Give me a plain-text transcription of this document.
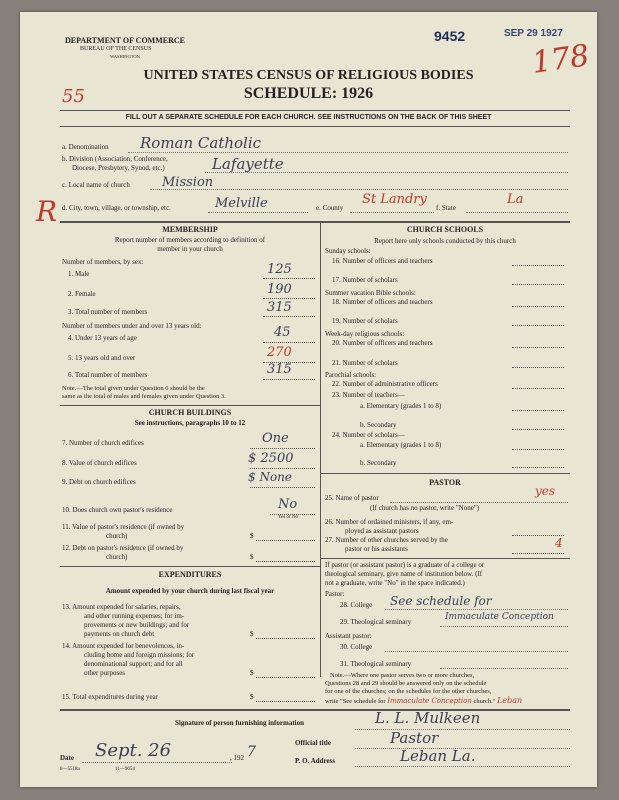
DEPARTMENT OF COMMERCE
BUREAU OF THE CENSUS
WASHINGTON
9452	SEP 29 1927
178
55
UNITED STATES CENSUS OF RELIGIOUS BODIES
SCHEDULE: 1926
FILL OUT A SEPARATE SCHEDULE FOR EACH CHURCH. SEE INSTRUCTIONS ON THE BACK OF THIS SHEET
a. Denomination Roman Catholic
b. Division (Association, Conference,
Diocese, Presbytery, Synod, etc.)	Lafayette
c. Local name of church Mission
R d. City, town, village, or township, etc.	Melville	e. County
St Landry
f. State
La
MEMBERSHIP
Report number of members according to definition of
member in your church
Number of members, by sex:
1. Male	125
2. Female	190
3. Total number of members	315
Number of members under and over 13 years old:
4. Under 13 years of age	45
5. 13 years old and over	270
6. Total number of members	315
Note.—The total given under Question 6 should be the
same as the total of males and females given under Question 3.
CHURCH BUILDINGS
See instructions, paragraphs 10 to 12
7. Number of church edifices	One
8. Value of church edifices	$ 2500
9. Debt on church edifices	$ None
10. Does church own pastor's residence	No
Yes or No
11. Value of pastor's residence (if owned by
church)	$
12. Debt on pastor's residence (if owned by
church)	$
EXPENDITURES
Amount expended by your church during last fiscal year
13. Amount expended for salaries, repairs,
and other running expenses; for im-
provements or new buildings; and for
payments on church debt	$
14. Amount expended for benevolences, in-
cluding home and foreign missions; for
denominational support; and for all
other purposes	$
15. Total expenditures during year	$
CHURCH SCHOOLS
Report here only schools conducted by this church
Sunday schools:
16. Number of officers and teachers
17. Number of scholars
Summer vacation Bible schools:
18. Number of officers and teachers
19. Number of scholars
Week-day religious schools:
20. Number of officers and teachers
21. Number of scholars
Parochial schools:
22. Number of administrative officers
23. Number of teachers—
a. Elementary (grades 1 to 8)
b. Secondary
24. Number of scholars—
a. Elementary (grades 1 to 8)
b. Secondary
PASTOR
25. Name of pastor	yes
(If church has no pastor, write "None")
26. Number of ordained ministers, if any, em-
ployed as assistant pastors
27. Number of other churches served by the
pastor or his assistants	4
If pastor (or assistant pastor) is a graduate of a college or
theological seminary, give name of institution below. (If
not a graduate, write "No" in the space indicated.)
Pastor:
28. College See schedule for
29. Theological seminary	Immaculate Conception
Assistant pastor:
30. College
31. Theological seminary
Note.—Where one pastor serves two or more churches,
Questions 28 and 29 should be answered only on the schedule
for one of the churches; on the schedules for the other churches,
write "See schedule for Immaculate Conception church." Leban
Signature of person furnishing information	L. L. Mulkeen
Official title	Pastor
Date Sept. 26	, 192 7
P. O. Address	Leban La.
8—5518a	11—9654
